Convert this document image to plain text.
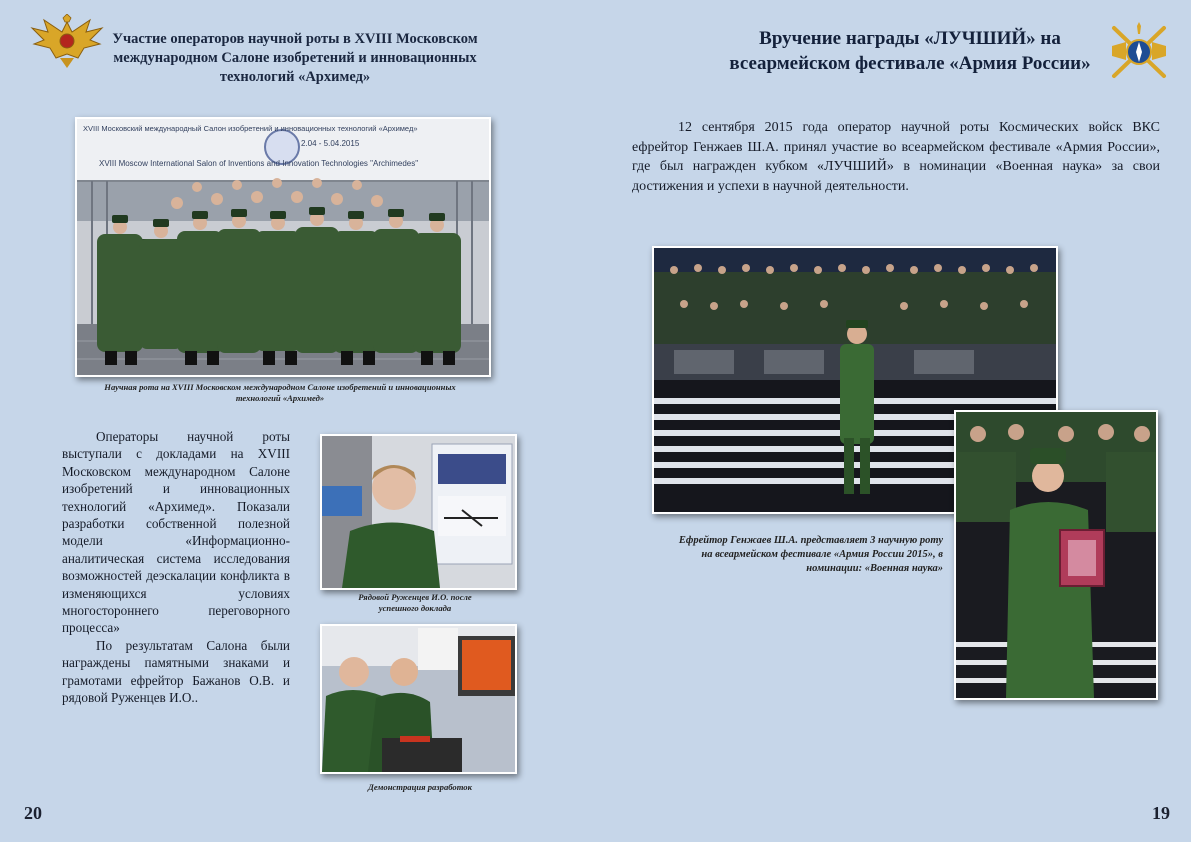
Участие операторов научной роты в XVIII Московском международном Салоне изобретений и инновационных технологий «Архимед»
XVIII Московский международный Салон изобретений и инновационных технологий «Архимед»
XVIII Moscow International Salon of Inventions and Innovation Technologies "Archimedes"
2.04 - 5.04.2015
Научная рота на XVIII Московском международном Салоне изобретений и инновационных технологий «Архимед»

Операторы научной роты выступали с докладами на XVIII Московском международном Салоне изобретений и инновационных технологий «Архимед». Показали разработки собственной полезной модели «Информационно-аналитическая система исследования возможностей деэскалации конфликта в изменяющихся условиях многостороннего переговорного процесса»

По результатам Салона были награждены памятными знаками и грамотами ефрейтор Бажанов О.В. и рядовой Руженцев И.О..

Рядовой Руженцев И.О. после успешного доклада
Демонстрация разработок
20
Вручение награды «ЛУЧШИЙ» на всеармейском фестивале «Армия России»

12 сентября 2015 года оператор научной роты Космических войск ВКС ефрейтор Генжаев Ш.А. принял участие во всеармейском фестивале «Армия России», где был награжден кубком «ЛУЧШИЙ» в номинации «Военная наука» за свои достижения и успехи в научной деятельности.

Ефрейтор Генжаев Ш.А. представляет 3 научную роту на всеармейском фестивале «Армия России 2015», в номинации: «Военная наука»
19
